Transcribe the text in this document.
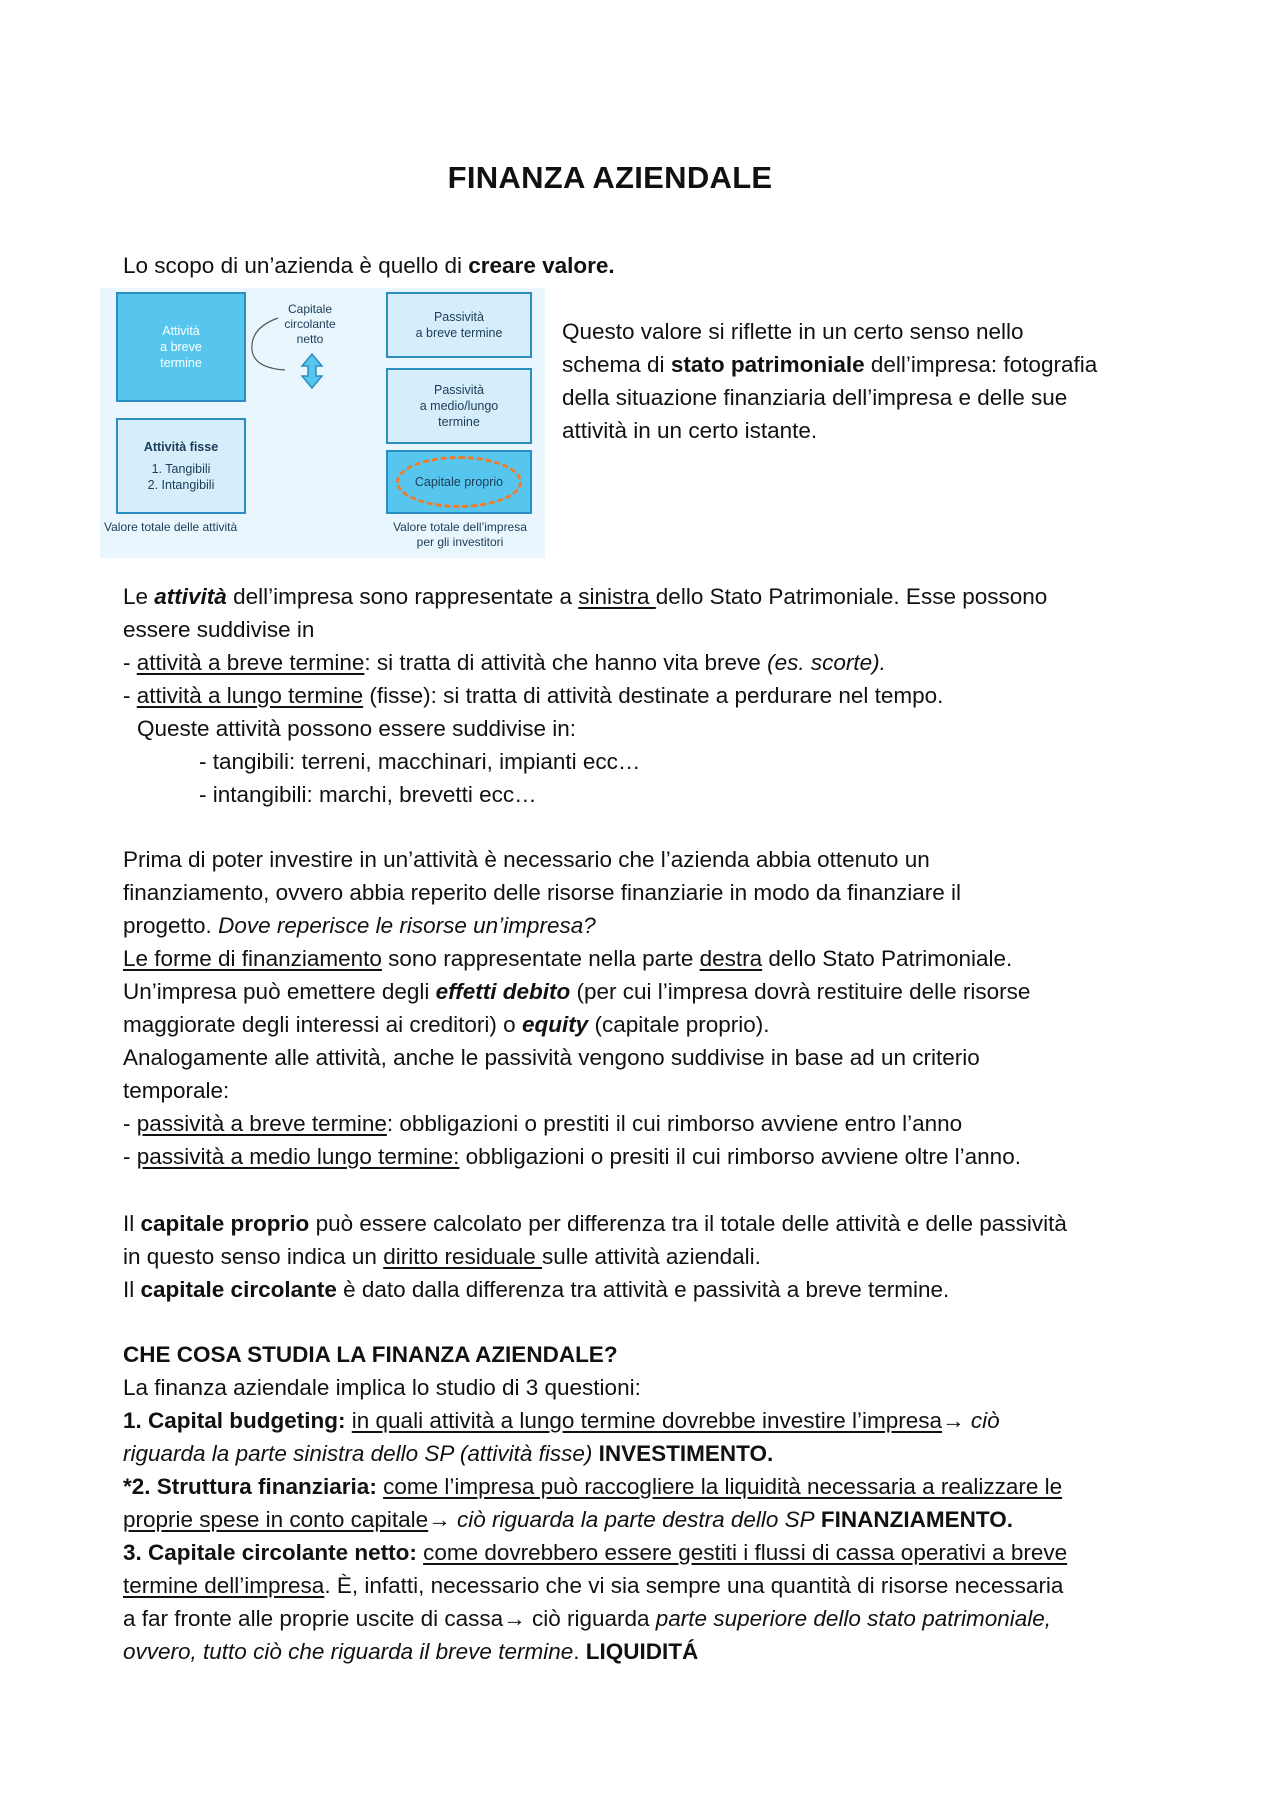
FINANZA AZIENDALE

Lo scopo di un’azienda è quello di creare valore.

Attività
a breve
termine
Capitale
circolante
netto
Passività
a breve termine
Passività
a medio/lungo
termine
Attività fisse
1. Tangibili
2. Intangibili	Capitale proprio
Valore totale delle attività	Valore totale dell’impresa
per gli investitori
Questo valore si riflette in un certo senso nello
schema di stato patrimoniale dell’impresa: fotografia
della situazione finanziaria dell’impresa e delle sue
attività in un certo istante.
Le attività dell’impresa sono rappresentate a sinistra dello Stato Patrimoniale. Esse possono
essere suddivise in
- attività a breve termine: si tratta di attività che hanno vita breve (es. scorte).
- attività a lungo termine (fisse): si tratta di attività destinate a perdurare nel tempo.
Queste attività possono essere suddivise in:
- tangibili: terreni, macchinari, impianti ecc…
- intangibili: marchi, brevetti ecc…
Prima di poter investire in un’attività è necessario che l’azienda abbia ottenuto un
finanziamento, ovvero abbia reperito delle risorse finanziarie in modo da finanziare il
progetto. Dove reperisce le risorse un’impresa?
Le forme di finanziamento sono rappresentate nella parte destra dello Stato Patrimoniale.
Un’impresa può emettere degli effetti debito (per cui l’impresa dovrà restituire delle risorse
maggiorate degli interessi ai creditori) o equity (capitale proprio).
Analogamente alle attività, anche le passività vengono suddivise in base ad un criterio
temporale:
- passività a breve termine: obbligazioni o prestiti il cui rimborso avviene entro l’anno
- passività a medio lungo termine: obbligazioni o presiti il cui rimborso avviene oltre l’anno.
Il capitale proprio può essere calcolato per differenza tra il totale delle attività e delle passività
in questo senso indica un diritto residuale sulle attività aziendali.
Il capitale circolante è dato dalla differenza tra attività e passività a breve termine.
CHE COSA STUDIA LA FINANZA AZIENDALE?
La finanza aziendale implica lo studio di 3 questioni:
1. Capital budgeting: in quali attività a lungo termine dovrebbe investire l’impresa→ ciò
riguarda la parte sinistra dello SP (attività fisse) INVESTIMENTO.
*2. Struttura finanziaria: come l’impresa può raccogliere la liquidità necessaria a realizzare le
proprie spese in conto capitale→ ciò riguarda la parte destra dello SP FINANZIAMENTO.
3. Capitale circolante netto: come dovrebbero essere gestiti i flussi di cassa operativi a breve
termine dell’impresa. È, infatti, necessario che vi sia sempre una quantità di risorse necessaria
a far fronte alle proprie uscite di cassa→ ciò riguarda parte superiore dello stato patrimoniale,
ovvero, tutto ciò che riguarda il breve termine. LIQUIDITÁ
